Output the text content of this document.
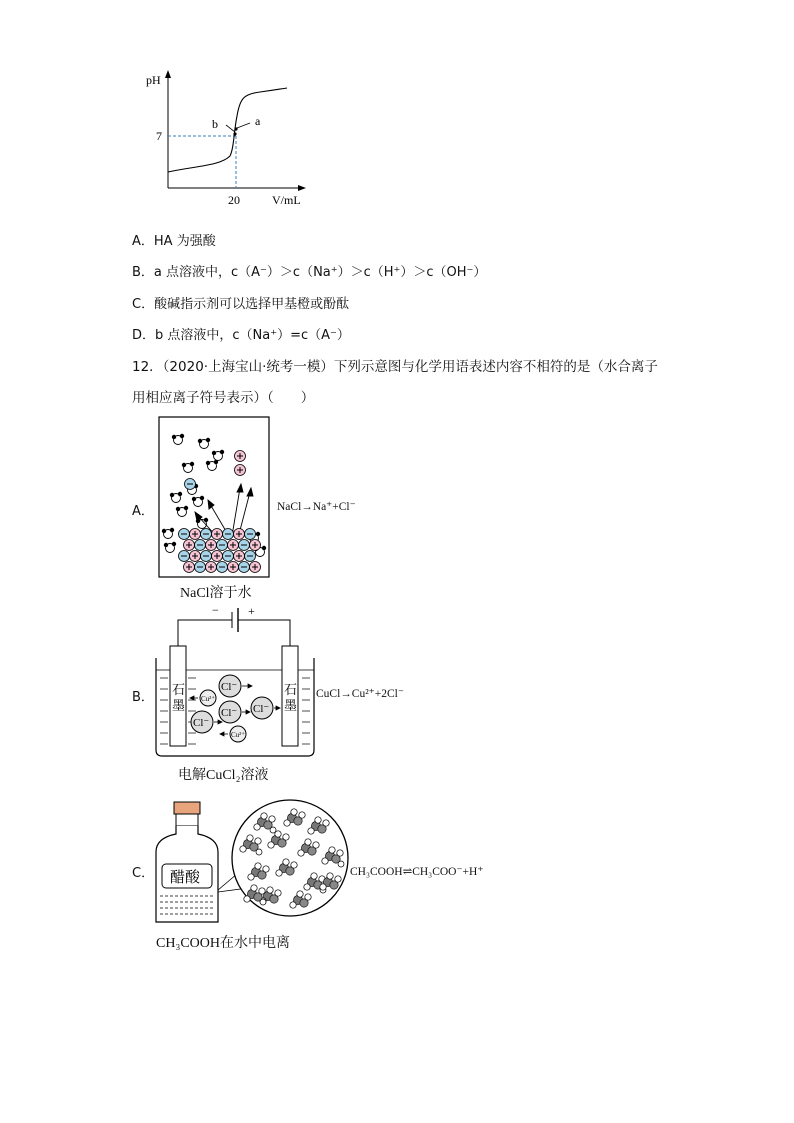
pH
V/mL
7
20
b	a
A．HA 为强酸
B．a 点溶液中，c（A⁻）＞c（Na⁺）＞c（H⁺）＞c（OH⁻）
C．酸碱指示剂可以选择甲基橙或酚酞
D．b 点溶液中，c（Na⁺）=c（A⁻）
12．（2020·上海宝山·统考一模）下列示意图与化学用语表述内容不相符的是（水合离子
用相应离子符号表示）（　　）
A．	NaCl→Na⁺+Cl⁻
NaCl溶于水
B．
− +
石
墨
石
墨
Cl⁻
Cu²⁺
Cl⁻ Cl⁻
Cl⁻
Cu²⁺
CuCl→Cu²⁺+2Cl⁻
电解CuCl₂溶液
C． 醋酸	CH₃COOH⇌CH₃COO⁻+H⁺
CH₃COOH在水中电离
